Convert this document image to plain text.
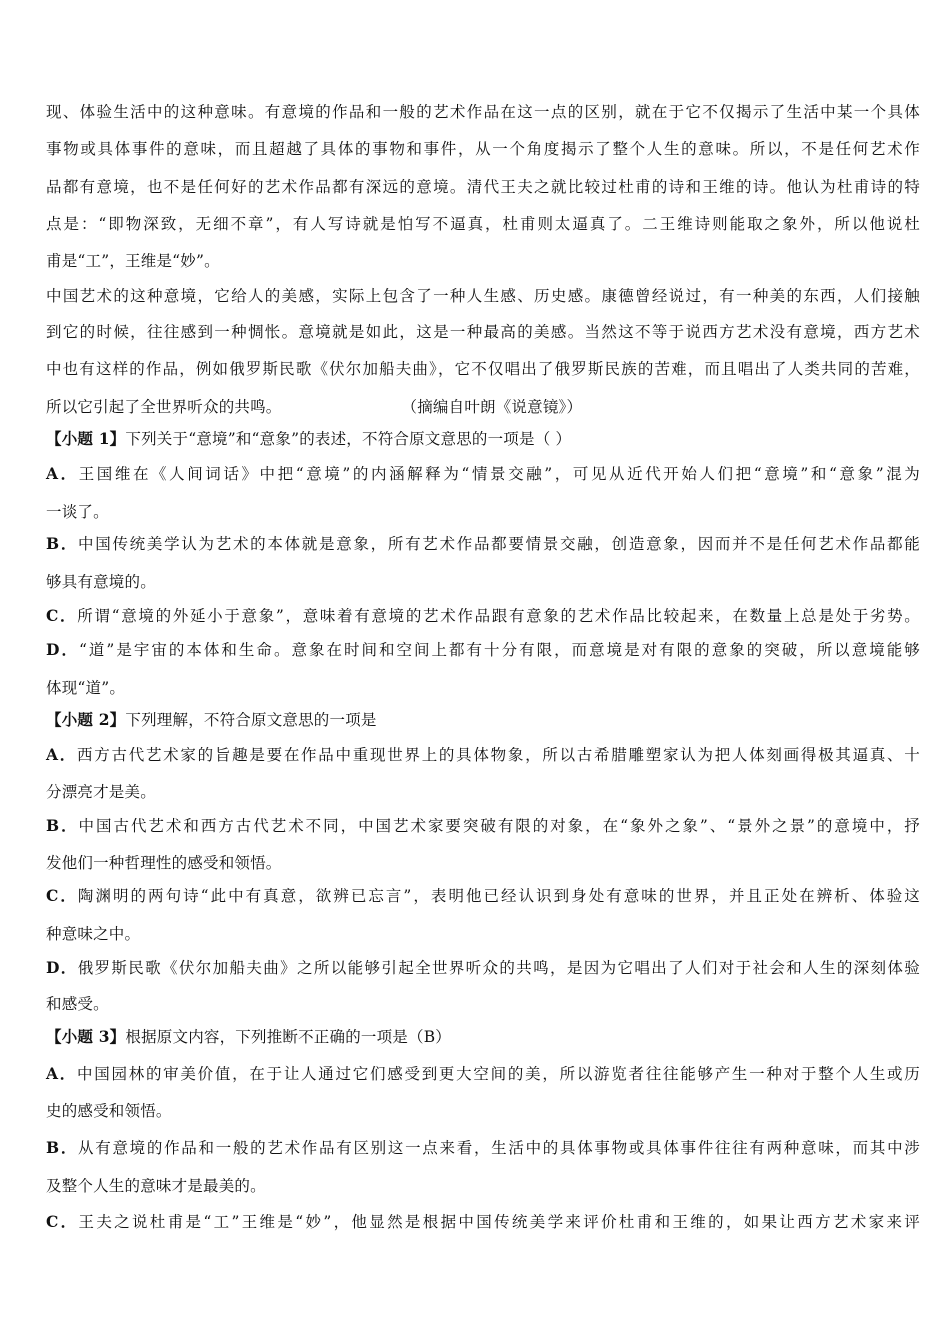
现、体验生活中的这种意味。有意境的作品和一般的艺术作品在这一点的区别，就在于它不仅揭示了生活中某一个具体
事物或具体事件的意味，而且超越了具体的事物和事件，从一个角度揭示了整个人生的意味。所以，不是任何艺术作
品都有意境，也不是任何好的艺术作品都有深远的意境。清代王夫之就比较过杜甫的诗和王维的诗。他认为杜甫诗的特
点是：“即物深致，无细不章”，有人写诗就是怕写不逼真，杜甫则太逼真了。二王维诗则能取之象外，所以他说杜
甫是“工”，王维是“妙”。
中国艺术的这种意境，它给人的美感，实际上包含了一种人生感、历史感。康德曾经说过，有一种美的东西，人们接触
到它的时候，往往感到一种惆怅。意境就是如此，这是一种最高的美感。当然这不等于说西方艺术没有意境，西方艺术
中也有这样的作品，例如俄罗斯民歌《伏尔加船夫曲》，它不仅唱出了俄罗斯民族的苦难，而且唱出了人类共同的苦难，
所以它引起了全世界听众的共鸣。	（摘编自叶朗《说意镜》）
【小题 1】下列关于“意境”和“意象”的表述，不符合原文意思的一项是（ ）
A．王国维在《人间词话》中把“意境”的内涵解释为“情景交融”，可见从近代开始人们把“意境”和“意象”混为
一谈了。
B．中国传统美学认为艺术的本体就是意象，所有艺术作品都要情景交融，创造意象，因而并不是任何艺术作品都能
够具有意境的。
C．所谓“意境的外延小于意象”，意味着有意境的艺术作品跟有意象的艺术作品比较起来，在数量上总是处于劣势。
D．“道”是宇宙的本体和生命。意象在时间和空间上都有十分有限，而意境是对有限的意象的突破，所以意境能够
体现“道”。
【小题 2】下列理解，不符合原文意思的一项是
A．西方古代艺术家的旨趣是要在作品中重现世界上的具体物象，所以古希腊雕塑家认为把人体刻画得极其逼真、十
分漂亮才是美。
B．中国古代艺术和西方古代艺术不同，中国艺术家要突破有限的对象，在“象外之象”、“景外之景”的意境中，抒
发他们一种哲理性的感受和领悟。
C．陶渊明的两句诗“此中有真意，欲辨已忘言”，表明他已经认识到身处有意味的世界，并且正处在辨析、体验这
种意味之中。
D．俄罗斯民歌《伏尔加船夫曲》之所以能够引起全世界听众的共鸣，是因为它唱出了人们对于社会和人生的深刻体验
和感受。
【小题 3】根据原文内容，下列推断不正确的一项是（B）
A．中国园林的审美价值，在于让人通过它们感受到更大空间的美，所以游览者往往能够产生一种对于整个人生或历
史的感受和领悟。
B．从有意境的作品和一般的艺术作品有区别这一点来看，生活中的具体事物或具体事件往往有两种意味，而其中涉
及整个人生的意味才是最美的。
C．王夫之说杜甫是“工”王维是“妙”，他显然是根据中国传统美学来评价杜甫和王维的，如果让西方艺术家来评
